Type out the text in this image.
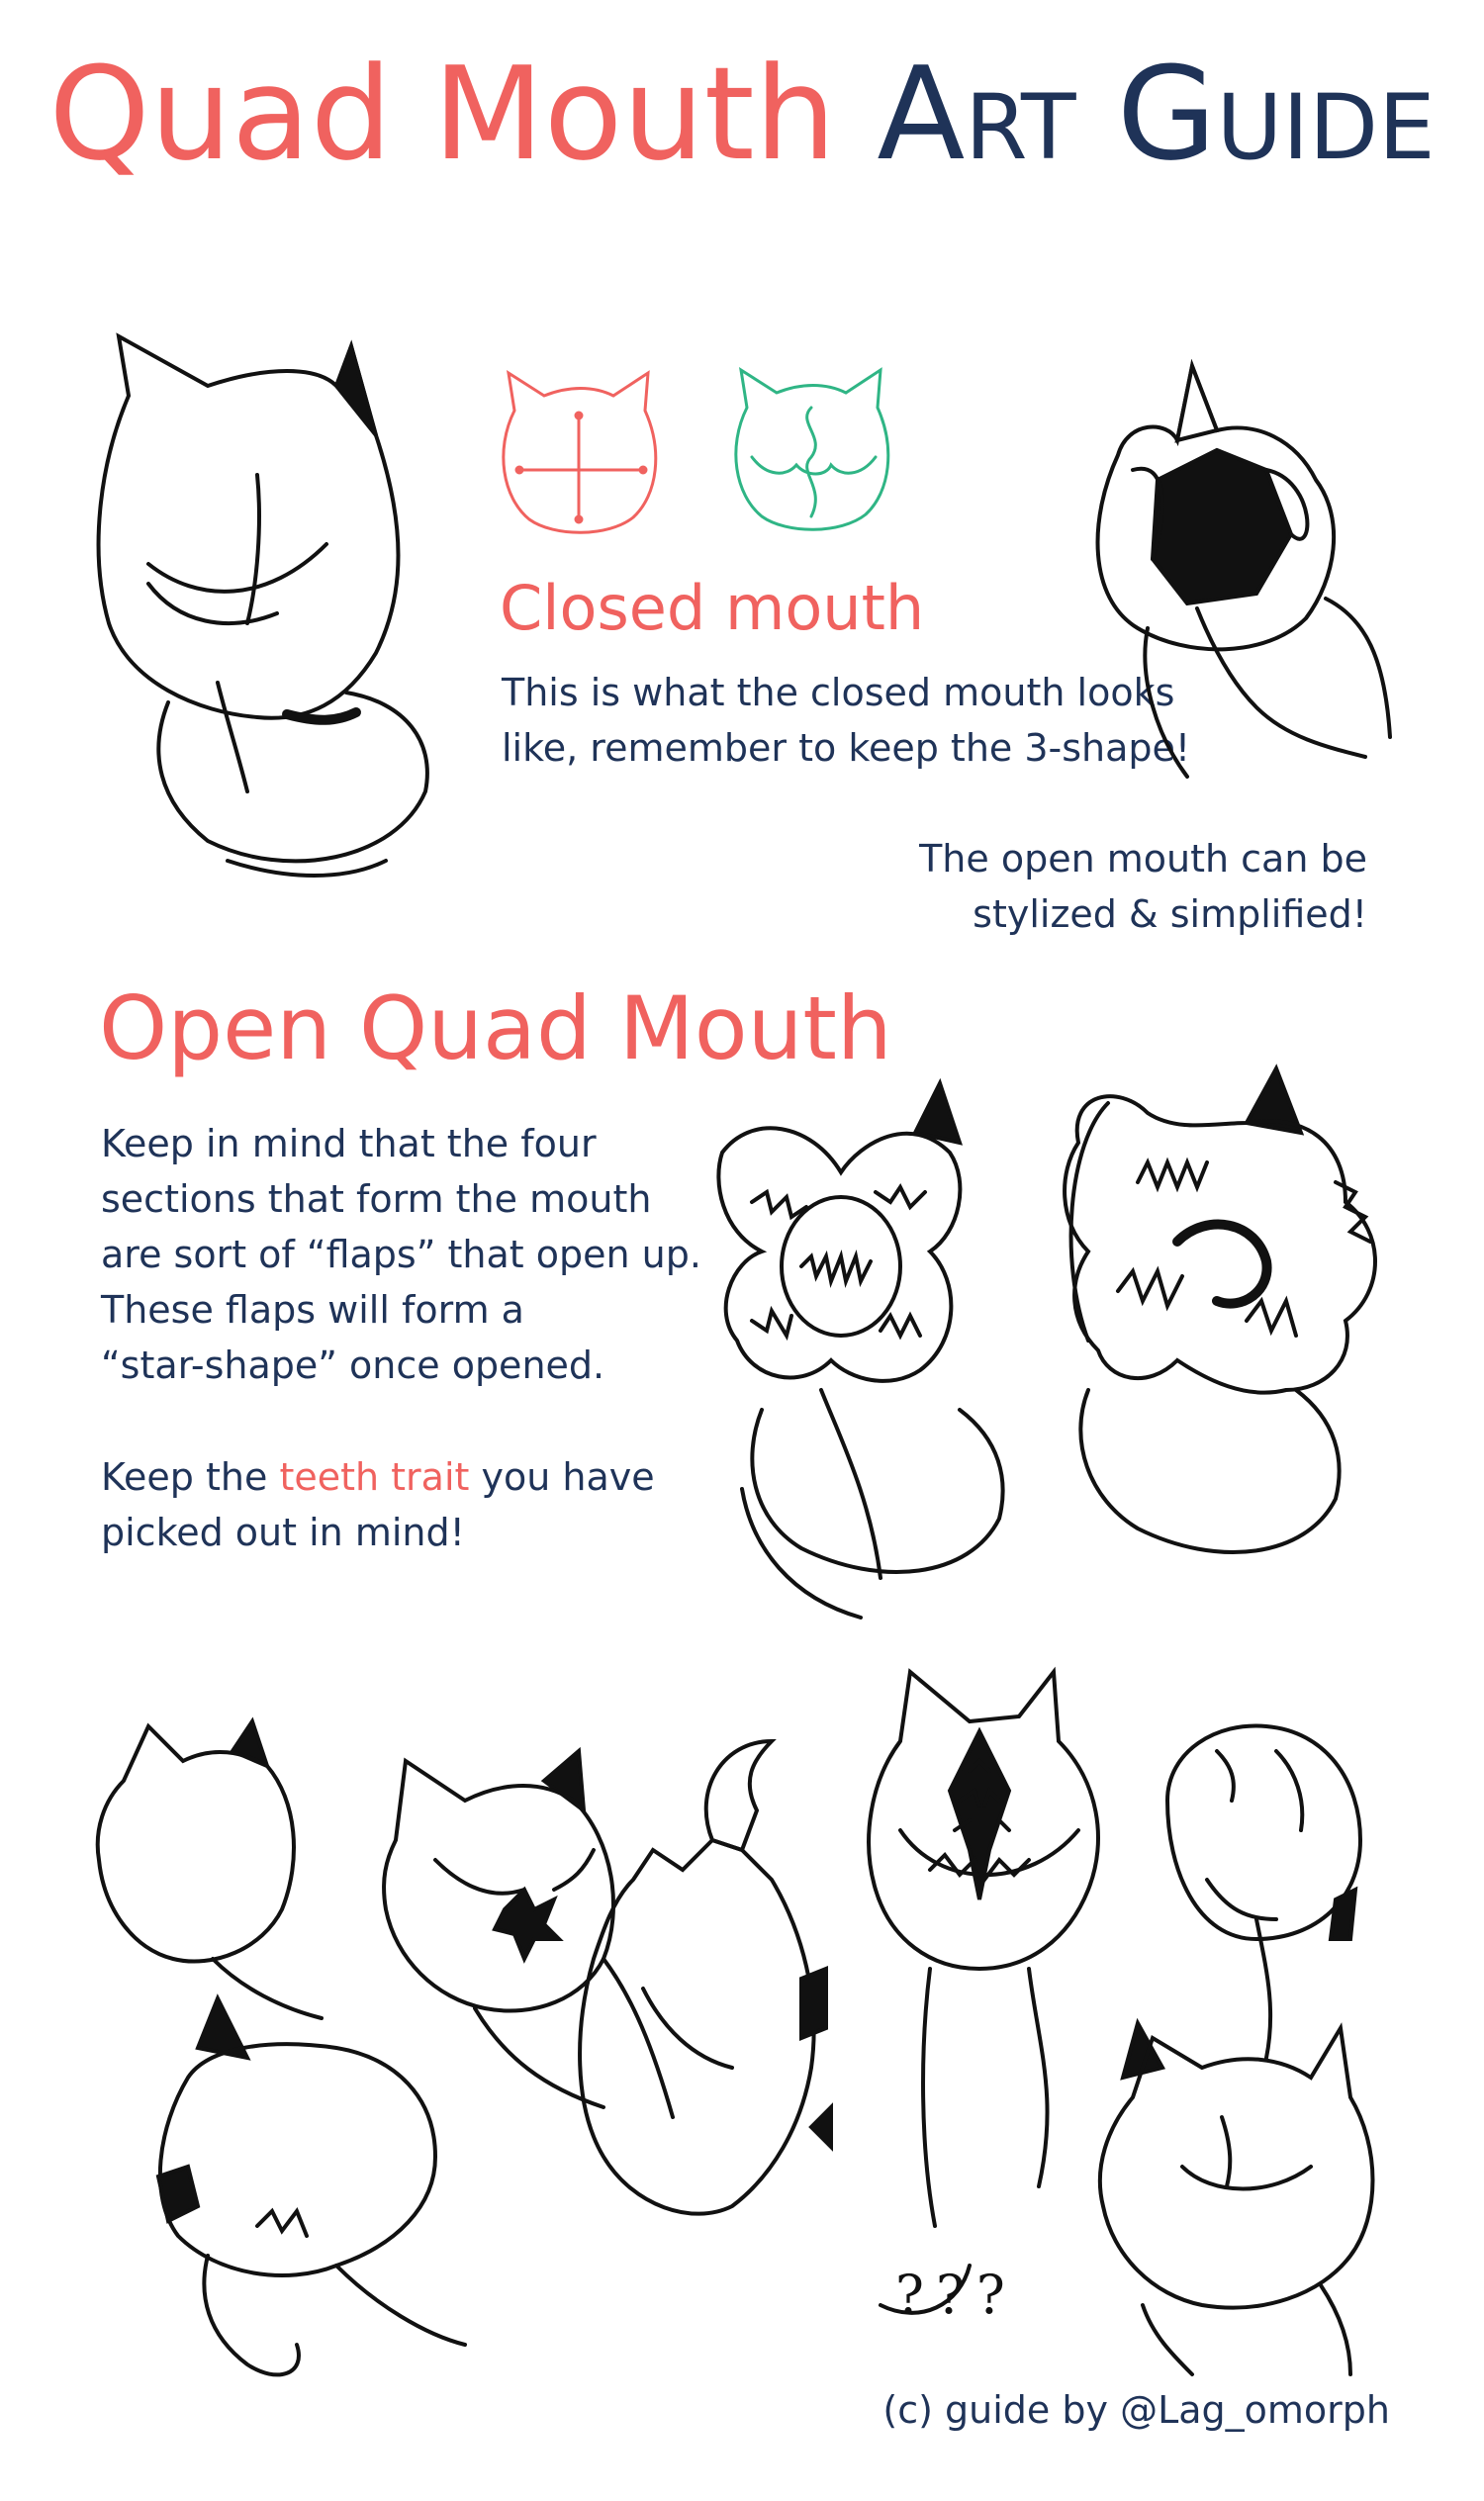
Quad Mouth Art Guide
Closed mouth
This is what the closed mouth looks
like, remember to keep the 3-shape!
The open mouth can be
stylized & simplified!
Open Quad Mouth
Keep in mind that the four
sections that form the mouth
are sort of “flaps” that open up.
These flaps will form a
“star-shape” once opened.
Keep the teeth trait you have
picked out in mind!
???
(c) guide by @Lag_omorph
